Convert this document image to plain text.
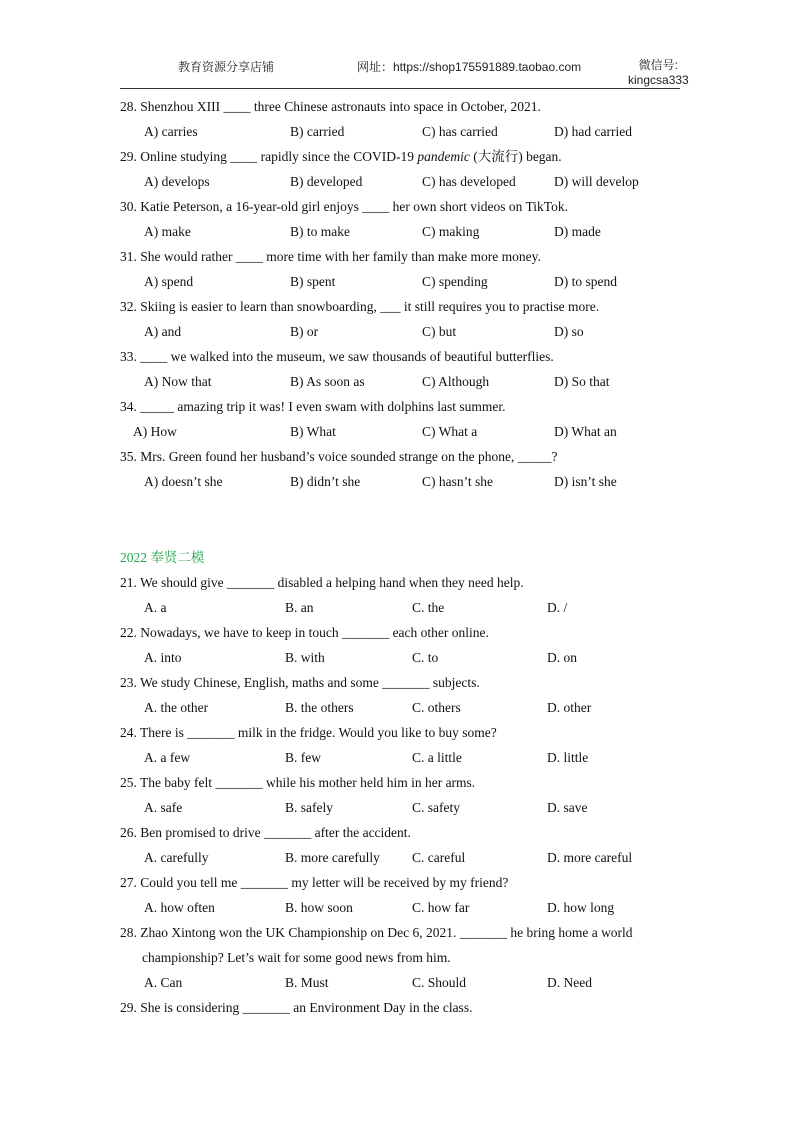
教育资源分享店铺	网址：https://shop175591889.taobao.com	微信号:
kingcsa333
28. Shenzhou XIII ____ three Chinese astronauts into space in October, 2021.
A) carries	B) carried	C) has carried	D) had carried
29. Online studying ____ rapidly since the COVID-19 pandemic (大流行) began.
A) develops	B) developed	C) has developed	D) will develop
30. Katie Peterson, a 16-year-old girl enjoys ____ her own short videos on TikTok.
A) make	B) to make	C) making	D) made
31. She would rather ____ more time with her family than make more money.
A) spend	B) spent	C) spending	D) to spend
32. Skiing is easier to learn than snowboarding, ___ it still requires you to practise more.
A) and	B) or	C) but	D) so
33. ____ we walked into the museum, we saw thousands of beautiful butterflies.
A) Now that	B) As soon as	C) Although	D) So that
34. _____ amazing trip it was! I even swam with dolphins last summer.
A) How	B) What	C) What a	D) What an
35. Mrs. Green found her husband’s voice sounded strange on the phone, _____?
A) doesn’t she	B) didn’t she	C) hasn’t she	D) isn’t she
2022 奉贤二模
21. We should give _______ disabled a helping hand when they need help.
A. a	B. an	C. the	D. /
22. Nowadays, we have to keep in touch _______ each other online.
A. into	B. with	C. to	D. on
23. We study Chinese, English, maths and some _______ subjects.
A. the other	B. the others	C. others	D. other
24. There is _______ milk in the fridge. Would you like to buy some?
A. a few	B. few	C. a little	D. little
25. The baby felt _______ while his mother held him in her arms.
A. safe	B. safely	C. safety	D. save
26. Ben promised to drive _______ after the accident.
A. carefully	B. more carefully C. careful	D. more careful
27. Could you tell me _______ my letter will be received by my friend?
A. how often	B. how soon	C. how far	D. how long
28. Zhao Xintong won the UK Championship on Dec 6, 2021. _______ he bring home a world
championship? Let’s wait for some good news from him.
A. Can	B. Must	C. Should	D. Need
29. She is considering _______ an Environment Day in the class.
